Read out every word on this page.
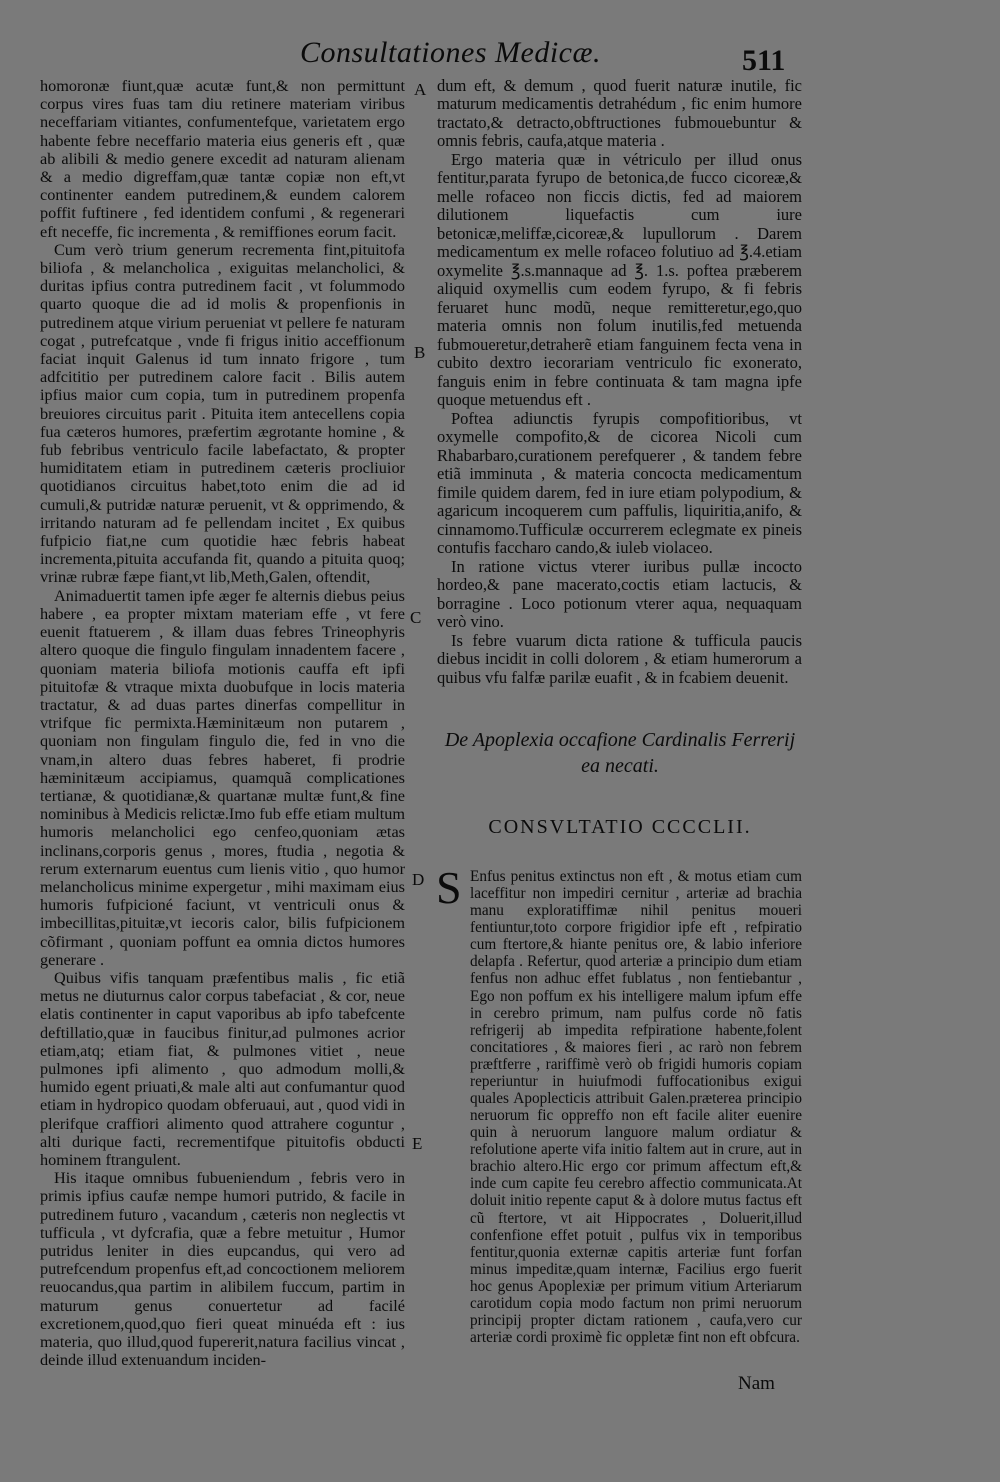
Consultationes Medicæ.	511
A
B
C
D
E

homoronæ fiunt,quæ acutæ funt,& non permittunt corpus vires fuas tam diu retinere materiam viribus neceffariam vitiantes, confumentefque, varietatem ergo habente febre neceffario materia eius generis eft , quæ ab alibili & medio genere excedit ad naturam alienam & a medio digreffam,quæ tantæ copiæ non eft,vt continenter eandem putredinem,& eundem calorem poffit fuftinere , fed identidem confumi , & regenerari eft neceffe, fic incrementa , & remiffiones eorum facit.

Cum verò trium generum recrementa fint,pituitofa biliofa , & melancholica , exiguitas melancholici, & duritas ipfius contra putredinem facit , vt folummodo quarto quoque die ad id molis & propenfionis in putredinem atque virium perueniat vt pellere fe naturam cogat , putrefcatque , vnde fi frigus initio acceffionum faciat inquit Galenus id tum innato frigore , tum adfcititio per putredinem calore facit . Bilis autem ipfius maior cum copia, tum in putredinem propenfa breuiores circuitus parit . Pituita item antecellens copia fua cæteros humores, præfertim ægrotante homine , & fub febribus ventriculo facile labefactato, & propter humiditatem etiam in putredinem cæteris procliuior quotidianos circuitus habet,toto enim die ad id cumuli,& putridæ naturæ peruenit, vt & opprimendo, & irritando naturam ad fe pellendam incitet , Ex quibus fufpicio fiat,ne cum quotidie hæc febris habeat incrementa,pituita accufanda fit, quando a pituita quoq; vrinæ rubræ fæpe fiant,vt lib,Meth,Galen, oftendit,

Animaduertit tamen ipfe æger fe alternis diebus peius habere , ea propter mixtam materiam effe , vt fere euenit ftatuerem , & illam duas febres Trineophyris altero quoque die fingulo fingulam innadentem facere , quoniam materia biliofa motionis cauffa eft ipfi pituitofæ & vtraque mixta duobufque in locis materia tractatur, & ad duas partes dinerfas compellitur in vtrifque fic permixta.Hæminitæum non putarem , quoniam non fingulam fingulo die, fed in vno die vnam,in altero duas febres haberet, fi prodrie hæminitæum accipiamus, quamquã complicationes tertianæ, & quotidianæ,& quartanæ multæ funt,& fine nominibus à Medicis relictæ.Imo fub effe etiam multum humoris melancholici ego cenfeo,quoniam ætas inclinans,corporis genus , mores, ftudia , negotia & rerum externarum euentus cum lienis vitio , quo humor melancholicus minime expergetur , mihi maximam eius humoris fufpicioné faciunt, vt ventriculi onus & imbecillitas,pituitæ,vt iecoris calor, bilis fufpicionem cõfirmant , quoniam poffunt ea omnia dictos humores generare .

Quibus vifis tanquam præfentibus malis , fic etiã metus ne diuturnus calor corpus tabefaciat , & cor, neue elatis continenter in caput vaporibus ab ipfo tabefcente deftillatio,quæ in faucibus finitur,ad pulmones acrior etiam,atq; etiam fiat, & pulmones vitiet , neue pulmones ipfi alimento , quo admodum molli,& humido egent priuati,& male alti aut confumantur quod etiam in hydropico quodam obferuaui, aut , quod vidi in plerifque craffiori alimento quod attrahere coguntur , alti durique facti, recrementifque pituitofis obducti hominem ftrangulent.

His itaque omnibus fubueniendum , febris vero in primis ipfius caufæ nempe humori putrido, & facile in putredinem futuro , vacandum , cæteris non neglectis vt tufficula , vt dyfcrafia, quæ a febre metuitur , Humor putridus leniter in dies eupcandus, qui vero ad putrefcendum propenfus eft,ad concoctionem meliorem reuocandus,qua partim in alibilem fuccum, partim in maturum genus conuertetur ad facilé excretionem,quod,quo fieri queat minuéda eft : ius materia, quo illud,quod fupererit,natura facilius vincat , deinde illud extenuandum inciden-

dum eft, & demum , quod fuerit naturæ inutile, fic maturum medicamentis detrahédum , fic enim humore tractato,& detracto,obftructiones fubmouebuntur & omnis febris, caufa,atque materia .

Ergo materia quæ in vétriculo per illud onus fentitur,parata fyrupo de betonica,de fucco cicoreæ,& melle rofaceo non ficcis dictis, fed ad maiorem dilutionem liquefactis cum iure betonicæ,meliffæ,cicoreæ,& lupullorum . Darem medicamentum ex melle rofaceo folutiuo ad ℥.4.etiam oxymelite ℥.s.mannaque ad ℥. 1.s. poftea præberem aliquid oxymellis cum eodem fyrupo, & fi febris feruaret hunc modũ, neque remitteretur,ego,quo materia omnis non folum inutilis,fed metuenda fubmoueretur,detraherẽ etiam fanguinem fecta vena in cubito dextro iecorariam ventriculo fic exonerato, fanguis enim in febre continuata & tam magna ipfe quoque metuendus eft .

Poftea adiunctis fyrupis compofitioribus, vt oxymelle compofito,& de cicorea Nicoli cum Rhabarbaro,curationem perefquerer , & tandem febre etiã imminuta , & materia concocta medicamentum fimile quidem darem, fed in iure etiam polypodium, & agaricum incoquerem cum paffulis, liquiritia,anifo, & cinnamomo.Tufficulæ occurrerem eclegmate ex pineis contufis faccharo cando,& iuleb violaceo.

In ratione victus vterer iuribus pullæ incocto hordeo,& pane macerato,coctis etiam lactucis, & borragine . Loco potionum vterer aqua, nequaquam verò vino.

Is febre vuarum dicta ratione & tufficula paucis diebus incidit in colli dolorem , & etiam humerorum a quibus vfu falfæ parilæ euafit , & in fcabiem deuenit.

De Apoplexia occafione Cardinalis Ferrerij ea necati.
CONSVLTATIO CCCCLII.
S Enfus penitus extinctus non eft , & motus etiam cum laceffitur non impediri cernitur , arteriæ ad brachia manu exploratiffimæ nihil penitus moueri fentiuntur,toto corpore frigidior ipfe eft , refpiratio cum ftertore,& hiante penitus ore, & labio inferiore delapfa . Refertur, quod arteriæ a principio dum etiam fenfus non adhuc effet fublatus , non fentiebantur , Ego non poffum ex his intelligere malum ipfum effe in cerebro primum, nam pulfus corde nõ fatis refrigerij ab impedita refpiratione habente,folent concitatiores , & maiores fieri , ac rarò non febrem præftferre , rariffimè verò ob frigidi humoris copiam reperiuntur in huiufmodi fuffocationibus exigui quales Apoplecticis attribuit Galen.præterea principio neruorum fic oppreffo non eft facile aliter euenire quin à neruorum languore malum ordiatur & refolutione aperte vifa initio faltem aut in crure, aut in brachio altero.Hic ergo cor primum affectum eft,& inde cum capite feu cerebro affectio communicata.At doluit initio repente caput & à dolore mutus factus eft cũ ftertore, vt ait Hippocrates , Doluerit,illud confenfione effet potuit , pulfus vix in temporibus fentitur,quonia externæ capitis arteriæ funt forfan minus impeditæ,quam internæ, Facilius ergo fuerit hoc genus Apoplexiæ per primum vitium Arteriarum carotidum copia modo factum non primi neruorum principij propter dictam rationem , caufa,vero cur arteriæ cordi proximè fic oppletæ fint non eft obfcura.

Nam
